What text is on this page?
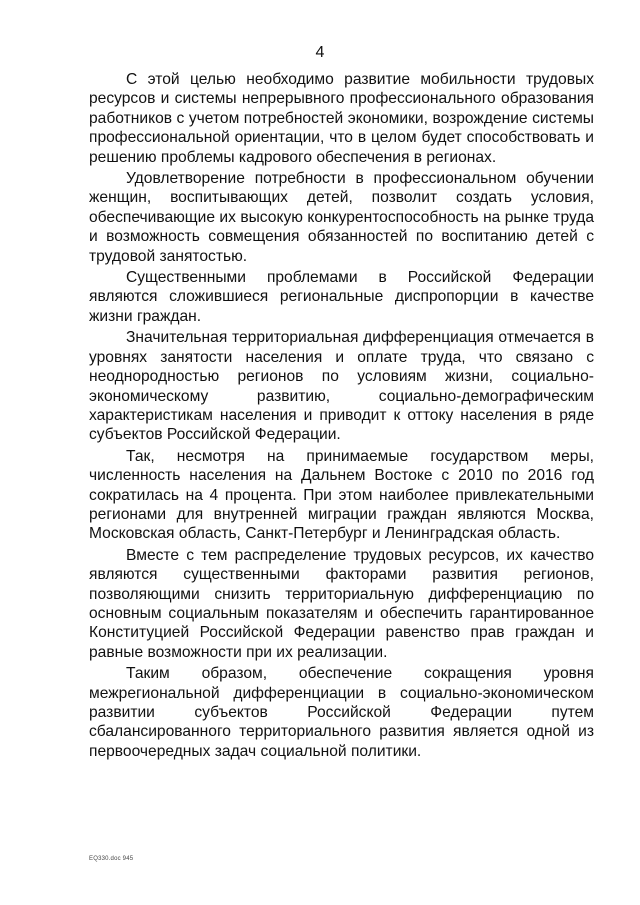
4

С этой целью необходимо развитие мобильности трудовых ресурсов и системы непрерывного профессионального образования работников с учетом потребностей экономики, возрождение системы профессиональной ориентации, что в целом будет способствовать и решению проблемы кадрового обеспечения в регионах.

Удовлетворение потребности в профессиональном обучении женщин, воспитывающих детей, позволит создать условия, обеспечивающие их высокую конкурентоспособность на рынке труда и возможность совмещения обязанностей по воспитанию детей с трудовой занятостью.

Существенными проблемами в Российской Федерации являются сложившиеся региональные диспропорции в качестве жизни граждан.

Значительная территориальная дифференциация отмечается в уровнях занятости населения и оплате труда, что связано с неоднородностью регионов по условиям жизни, социально-экономическому развитию, социально-демографическим характеристикам населения и приводит к оттоку населения в ряде субъектов Российской Федерации.

Так, несмотря на принимаемые государством меры, численность населения на Дальнем Востоке с 2010 по 2016 год сократилась на 4 процента. При этом наиболее привлекательными регионами для внутренней миграции граждан являются Москва, Московская область, Санкт-Петербург и Ленинградская область.

Вместе с тем распределение трудовых ресурсов, их качество являются существенными факторами развития регионов, позволяющими снизить территориальную дифференциацию по основным социальным показателям и обеспечить гарантированное Конституцией Российской Федерации равенство прав граждан и равные возможности при их реализации.

Таким образом, обеспечение сокращения уровня межрегиональной дифференциации в социально-экономическом развитии субъектов Российской Федерации путем сбалансированного территориального развития является одной из первоочередных задач социальной политики.

EQ330.doc 945
